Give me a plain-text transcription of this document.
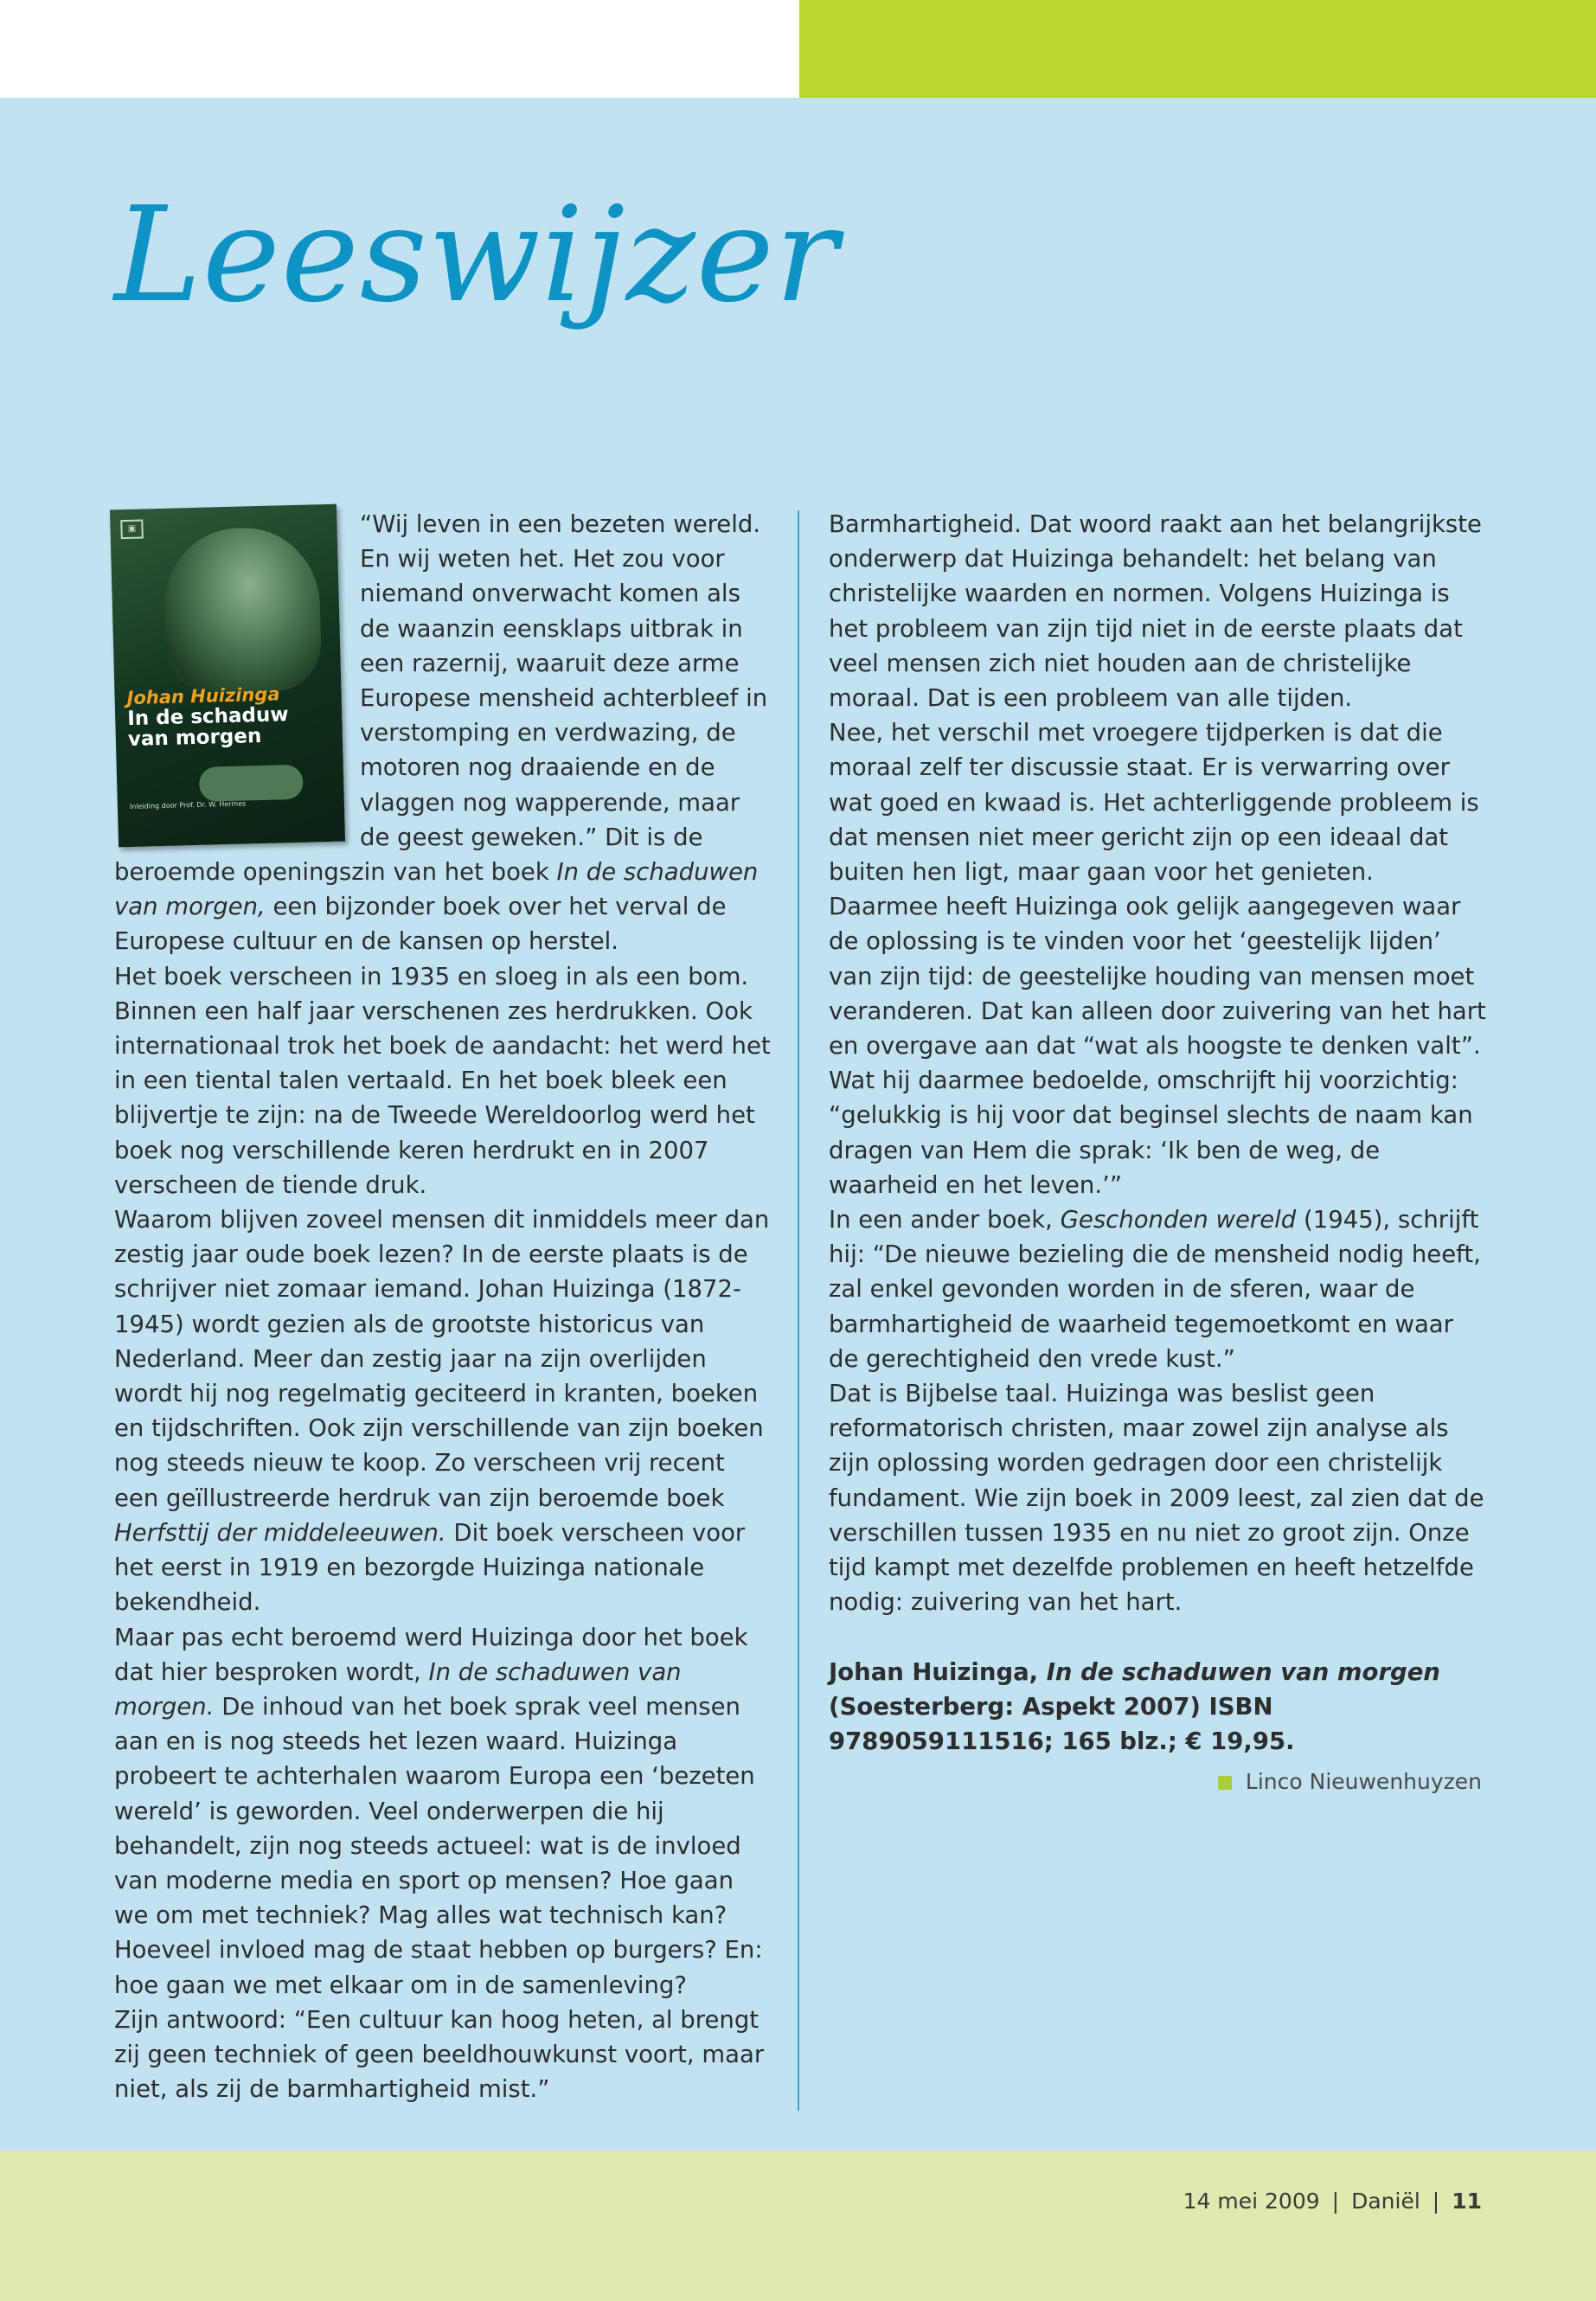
Leeswijzer
▣
Johan Huizinga
In de schaduw
van morgen
Inleiding door Prof. Dr. W. Hermes

“Wij leven in een bezeten wereld. En wij weten het. Het zou voor niemand onverwacht komen als de waanzin eensklaps uitbrak in een razernij, waaruit deze arme Europese mensheid achterbleef in verstomping en verdwazing, de motoren nog draaiende en de vlaggen nog wapperende, maar de geest geweken.” Dit is de beroemde openingszin van het boek In de schaduwen van morgen, een bijzonder boek over het verval de Europese cultuur en de kansen op herstel.

Het boek verscheen in 1935 en sloeg in als een bom. Binnen een half jaar verschenen zes herdrukken. Ook internationaal trok het boek de aandacht: het werd het in een tiental talen vertaald. En het boek bleek een blijvertje te zijn: na de Tweede Wereldoorlog werd het boek nog verschillende keren herdrukt en in 2007 verscheen de tiende druk.

Waarom blijven zoveel mensen dit inmiddels meer dan zestig jaar oude boek lezen? In de eerste plaats is de schrijver niet zomaar iemand. Johan Huizinga (1872-1945) wordt gezien als de grootste historicus van Nederland. Meer dan zestig jaar na zijn overlijden wordt hij nog regelmatig geciteerd in kranten, boeken en tijdschriften. Ook zijn verschillende van zijn boeken nog steeds nieuw te koop. Zo verscheen vrij recent een geïllustreerde herdruk van zijn beroemde boek Herfsttij der middeleeuwen. Dit boek verscheen voor het eerst in 1919 en bezorgde Huizinga nationale bekendheid.

Maar pas echt beroemd werd Huizinga door het boek dat hier besproken wordt, In de schaduwen van morgen. De inhoud van het boek sprak veel mensen aan en is nog steeds het lezen waard. Huizinga probeert te achterhalen waarom Europa een ‘bezeten wereld’ is geworden. Veel onderwerpen die hij behandelt, zijn nog steeds actueel: wat is de invloed van moderne media en sport op mensen? Hoe gaan we om met techniek? Mag alles wat technisch kan? Hoeveel invloed mag de staat hebben op burgers? En: hoe gaan we met elkaar om in de samenleving?

Zijn antwoord: “Een cultuur kan hoog heten, al brengt zij geen techniek of geen beeldhouwkunst voort, maar niet, als zij de barmhartigheid mist.”

Barmhartigheid. Dat woord raakt aan het belangrijkste onderwerp dat Huizinga behandelt: het belang van christelijke waarden en normen. Volgens Huizinga is het probleem van zijn tijd niet in de eerste plaats dat veel mensen zich niet houden aan de christelijke moraal. Dat is een probleem van alle tijden.

Nee, het verschil met vroegere tijdperken is dat die moraal zelf ter discussie staat. Er is verwarring over wat goed en kwaad is. Het achterliggende probleem is dat mensen niet meer gericht zijn op een ideaal dat buiten hen ligt, maar gaan voor het genieten.

Daarmee heeft Huizinga ook gelijk aangegeven waar de oplossing is te vinden voor het ‘geestelijk lijden’ van zijn tijd: de geestelijke houding van mensen moet veranderen. Dat kan alleen door zuivering van het hart en overgave aan dat “wat als hoogste te denken valt”. Wat hij daarmee bedoelde, omschrijft hij voorzichtig: “gelukkig is hij voor dat beginsel slechts de naam kan dragen van Hem die sprak: ‘Ik ben de weg, de waarheid en het leven.’”

In een ander boek, Geschonden wereld (1945), schrijft hij: “De nieuwe bezieling die de mensheid nodig heeft, zal enkel gevonden worden in de sferen, waar de barmhartigheid de waarheid tegemoetkomt en waar de gerechtigheid den vrede kust.”

Dat is Bijbelse taal. Huizinga was beslist geen reformatorisch christen, maar zowel zijn analyse als zijn oplossing worden gedragen door een christelijk fundament. Wie zijn boek in 2009 leest, zal zien dat de verschillen tussen 1935 en nu niet zo groot zijn. Onze tijd kampt met dezelfde problemen en heeft hetzelfde nodig: zuivering van het hart.

Johan Huizinga, In de schaduwen van morgen (Soesterberg: Aspekt 2007) ISBN 9789059111516; 165 blz.; € 19,95.

Linco Nieuwenhuyzen
14 mei 2009 | Daniël | 11
